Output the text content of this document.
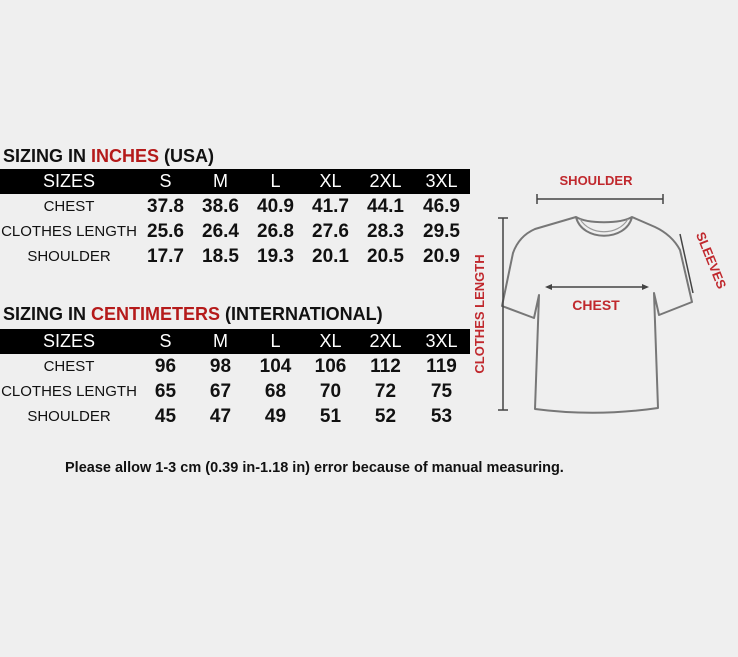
SIZING IN INCHES (USA)
SIZES	S	M	L	XL	2XL	3XL
CHEST	37.8	38.6	40.9	41.7	44.1	46.9
CLOTHES LENGTH	25.6	26.4	26.8	27.6	28.3	29.5
SHOULDER	17.7	18.5	19.3	20.1	20.5	20.9
SIZING IN CENTIMETERS (INTERNATIONAL)
SIZES	S	M	L	XL	2XL	3XL
CHEST	96	98	104	106	112	119
CLOTHES LENGTH	65	67	68	70	72	75
SHOULDER	45	47	49	51	52	53
Please allow 1-3 cm (0.39 in-1.18 in) error because of manual measuring.
SHOULDER
CHEST
CLOTHES LENGTH	SLEEVES
